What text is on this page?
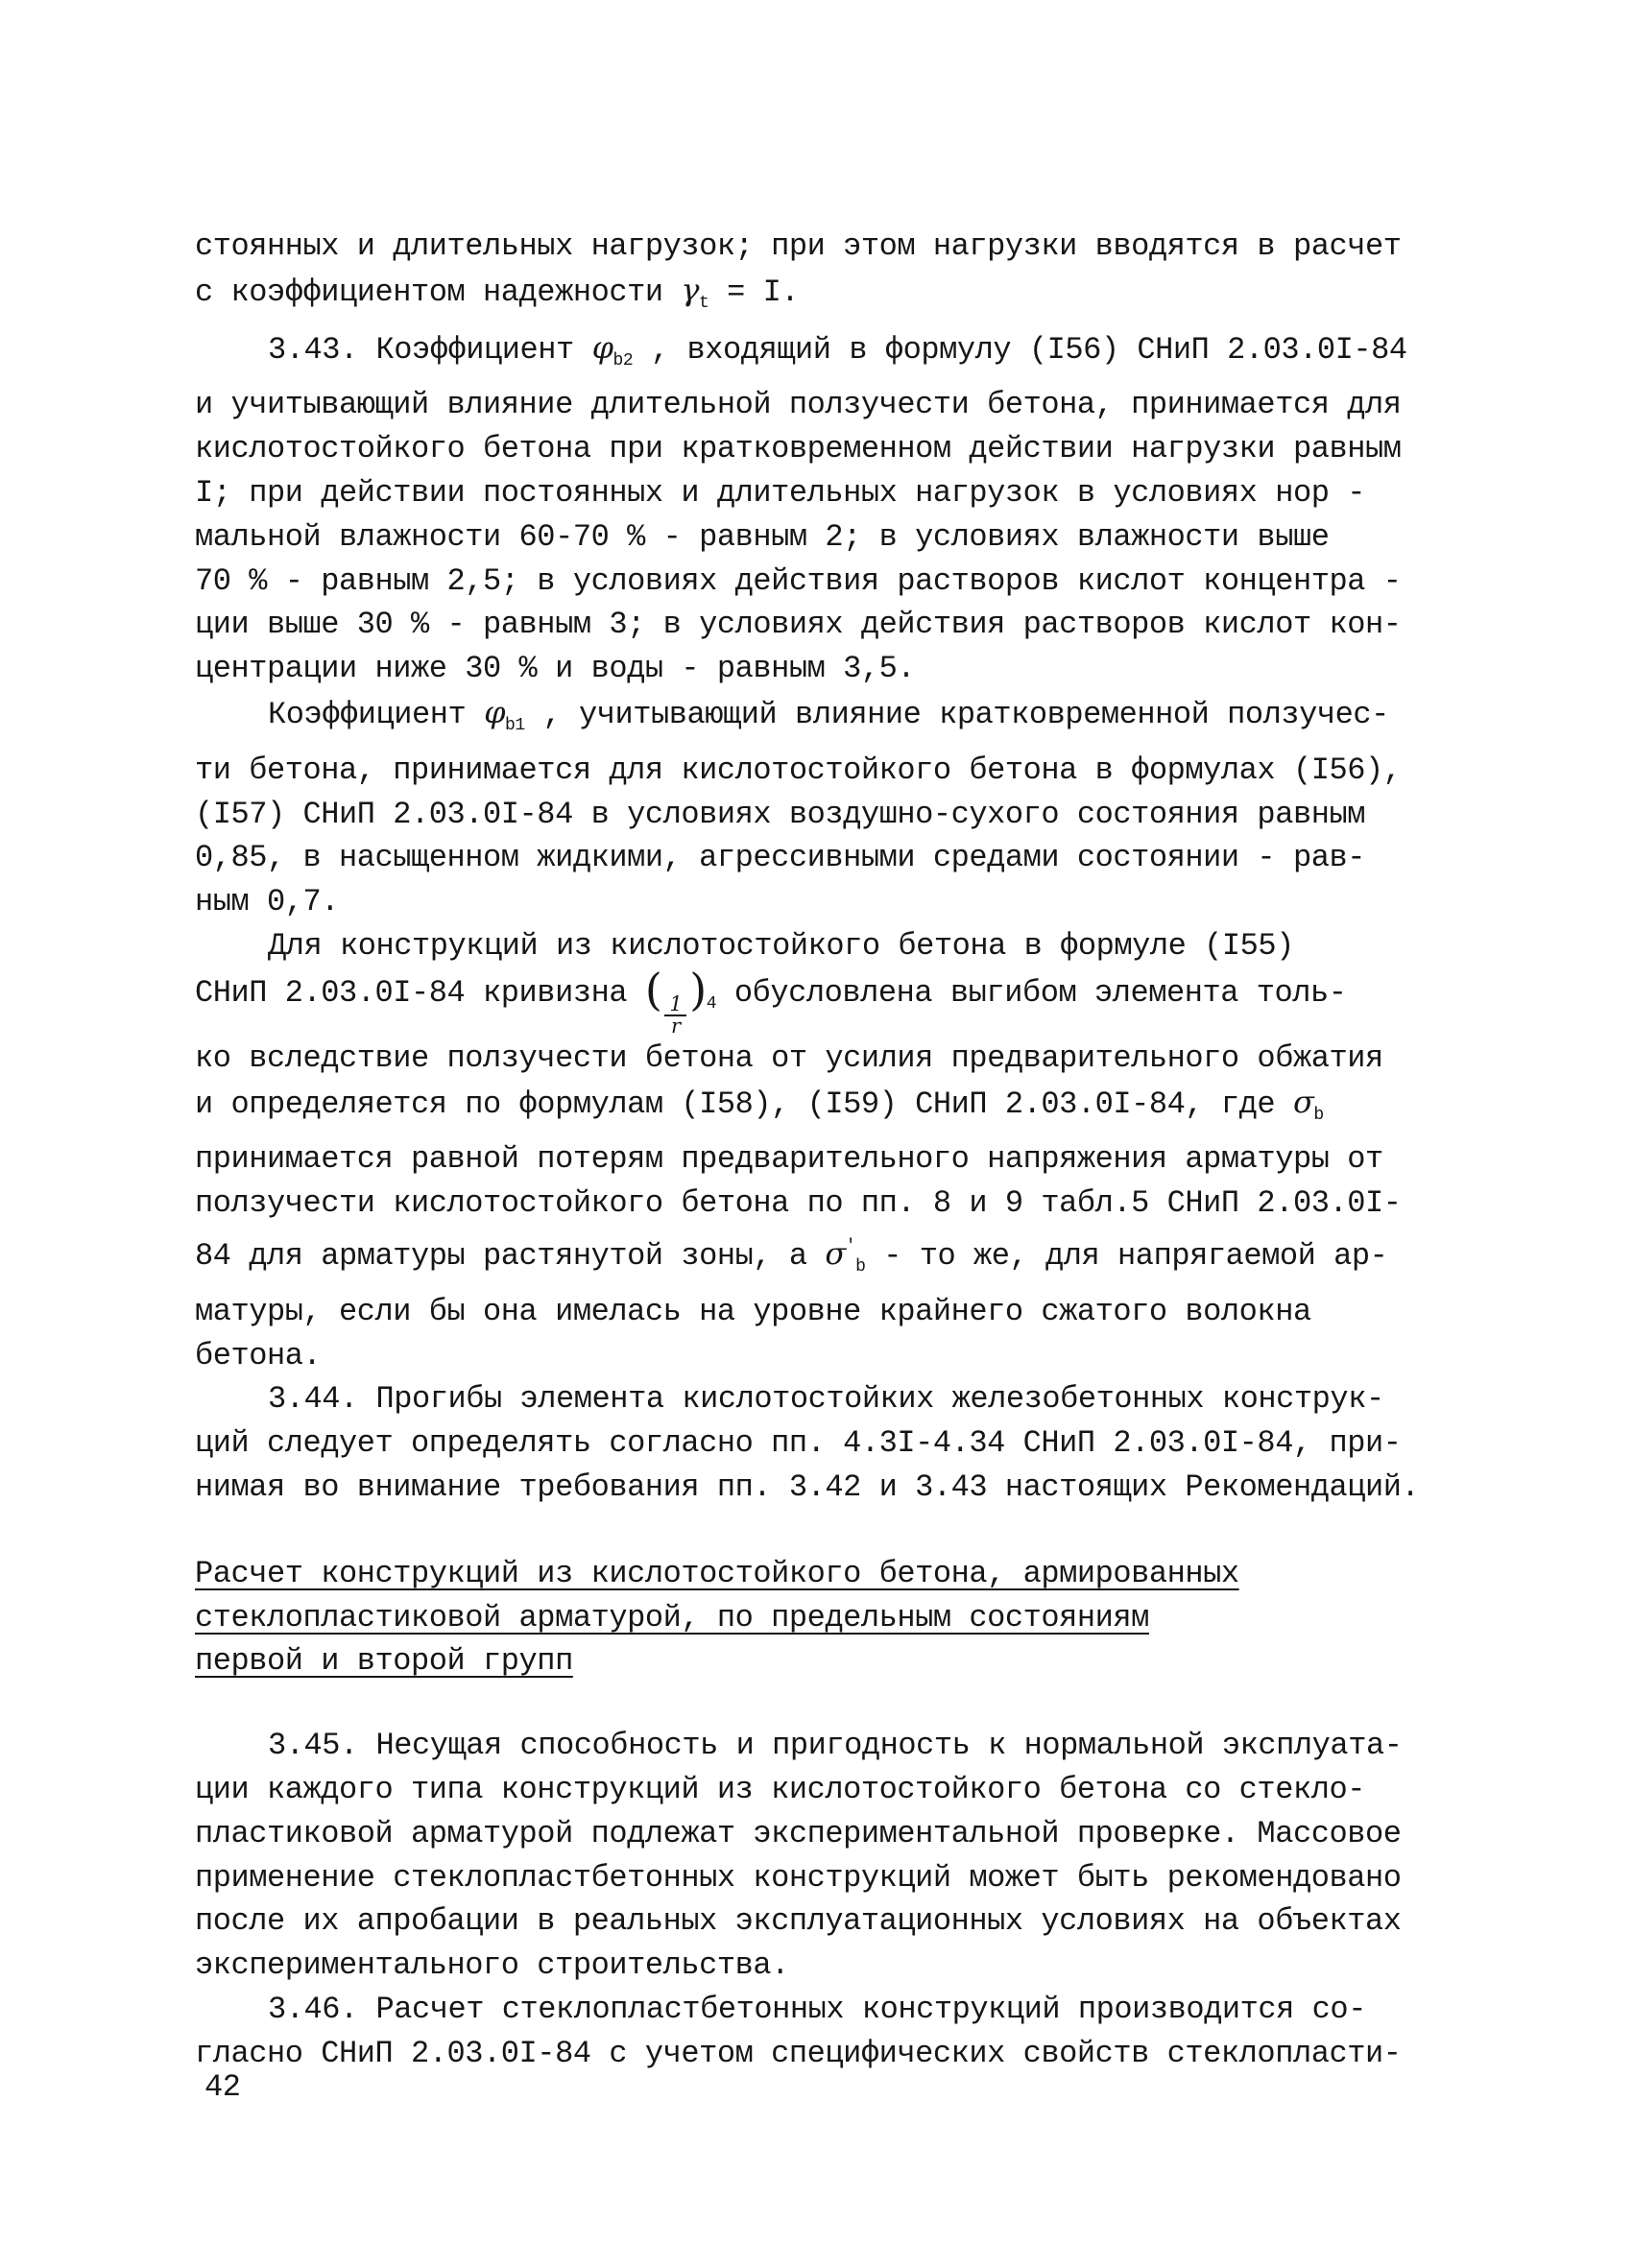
стоянных и длительных нагрузок; при этом нагрузки вводятся в расчет
с коэффициентом надежности $\gamma_t = I$.
3.43. Коэффициент $\varphi_{b2}$ , входящий в формулу (I56) СНиП 2.03.0I-84
и учитывающий влияние длительной ползучести бетона, принимается для
кислотостойкого бетона при кратковременном действии нагрузки равным
I; при действии постоянных и длительных нагрузок в условиях нор -
мальной влажности 60-70 % - равным 2; в условиях влажности выше
70 % - равным 2,5; в условиях действия растворов кислот концентра -
ции выше 30 % - равным 3; в условиях действия растворов кислот кон-
центрации ниже 30 % и воды - равным 3,5.
Коэффициент $\varphi_{b1}$ , учитывающий влияние кратковременной ползучес-
ти бетона, принимается для кислотостойкого бетона в формулах (I56),
(I57) СНиП 2.03.0I-84 в условиях воздушно-сухого состояния равным
0,85, в насыщенном жидкими, агрессивными средами состоянии - рав-
ным 0,7.
Для конструкций из кислотостойкого бетона в формуле (I55)
СНиП 2.03.0I-84 кривизна ( $\frac{1}{r} )_4$ обусловлена выгибом элемента толь-
ко вследствие ползучести бетона от усилия предварительного обжатия
и определяется по формулам (I58), (I59) СНиП 2.03.0I-84, где $\sigma_b$
принимается равной потерям предварительного напряжения арматуры от
ползучести кислотостойкого бетона по пп. 8 и 9 табл.5 СНиП 2.03.0I-
84 для арматуры растянутой зоны, а $\sigma'_b$ - то же, для напрягаемой ар-
матуры, если бы она имелась на уровне крайнего сжатого волокна
бетона.
3.44. Прогибы элемента кислотостойких железобетонных конструк-
ций следует определять согласно пп. 4.3I-4.34 СНиП 2.03.0I-84, при-
нимая во внимание требования пп. 3.42 и 3.43 настоящих Рекомендаций.
Расчет конструкций из кислотостойкого бетона, армированных
стеклопластиковой арматурой, по предельным состояниям
первой и второй групп
3.45. Несущая способность и пригодность к нормальной эксплуата-
ции каждого типа конструкций из кислотостойкого бетона со стекло-
пластиковой арматурой подлежат экспериментальной проверке. Массовое
применение стеклопластбетонных конструкций может быть рекомендовано
после их апробации в реальных эксплуатационных условиях на объектах
экспериментального строительства.
3.46. Расчет стеклопластбетонных конструкций производится со-
гласно СНиП 2.03.0I-84 с учетом специфических свойств стеклопласти-
42
